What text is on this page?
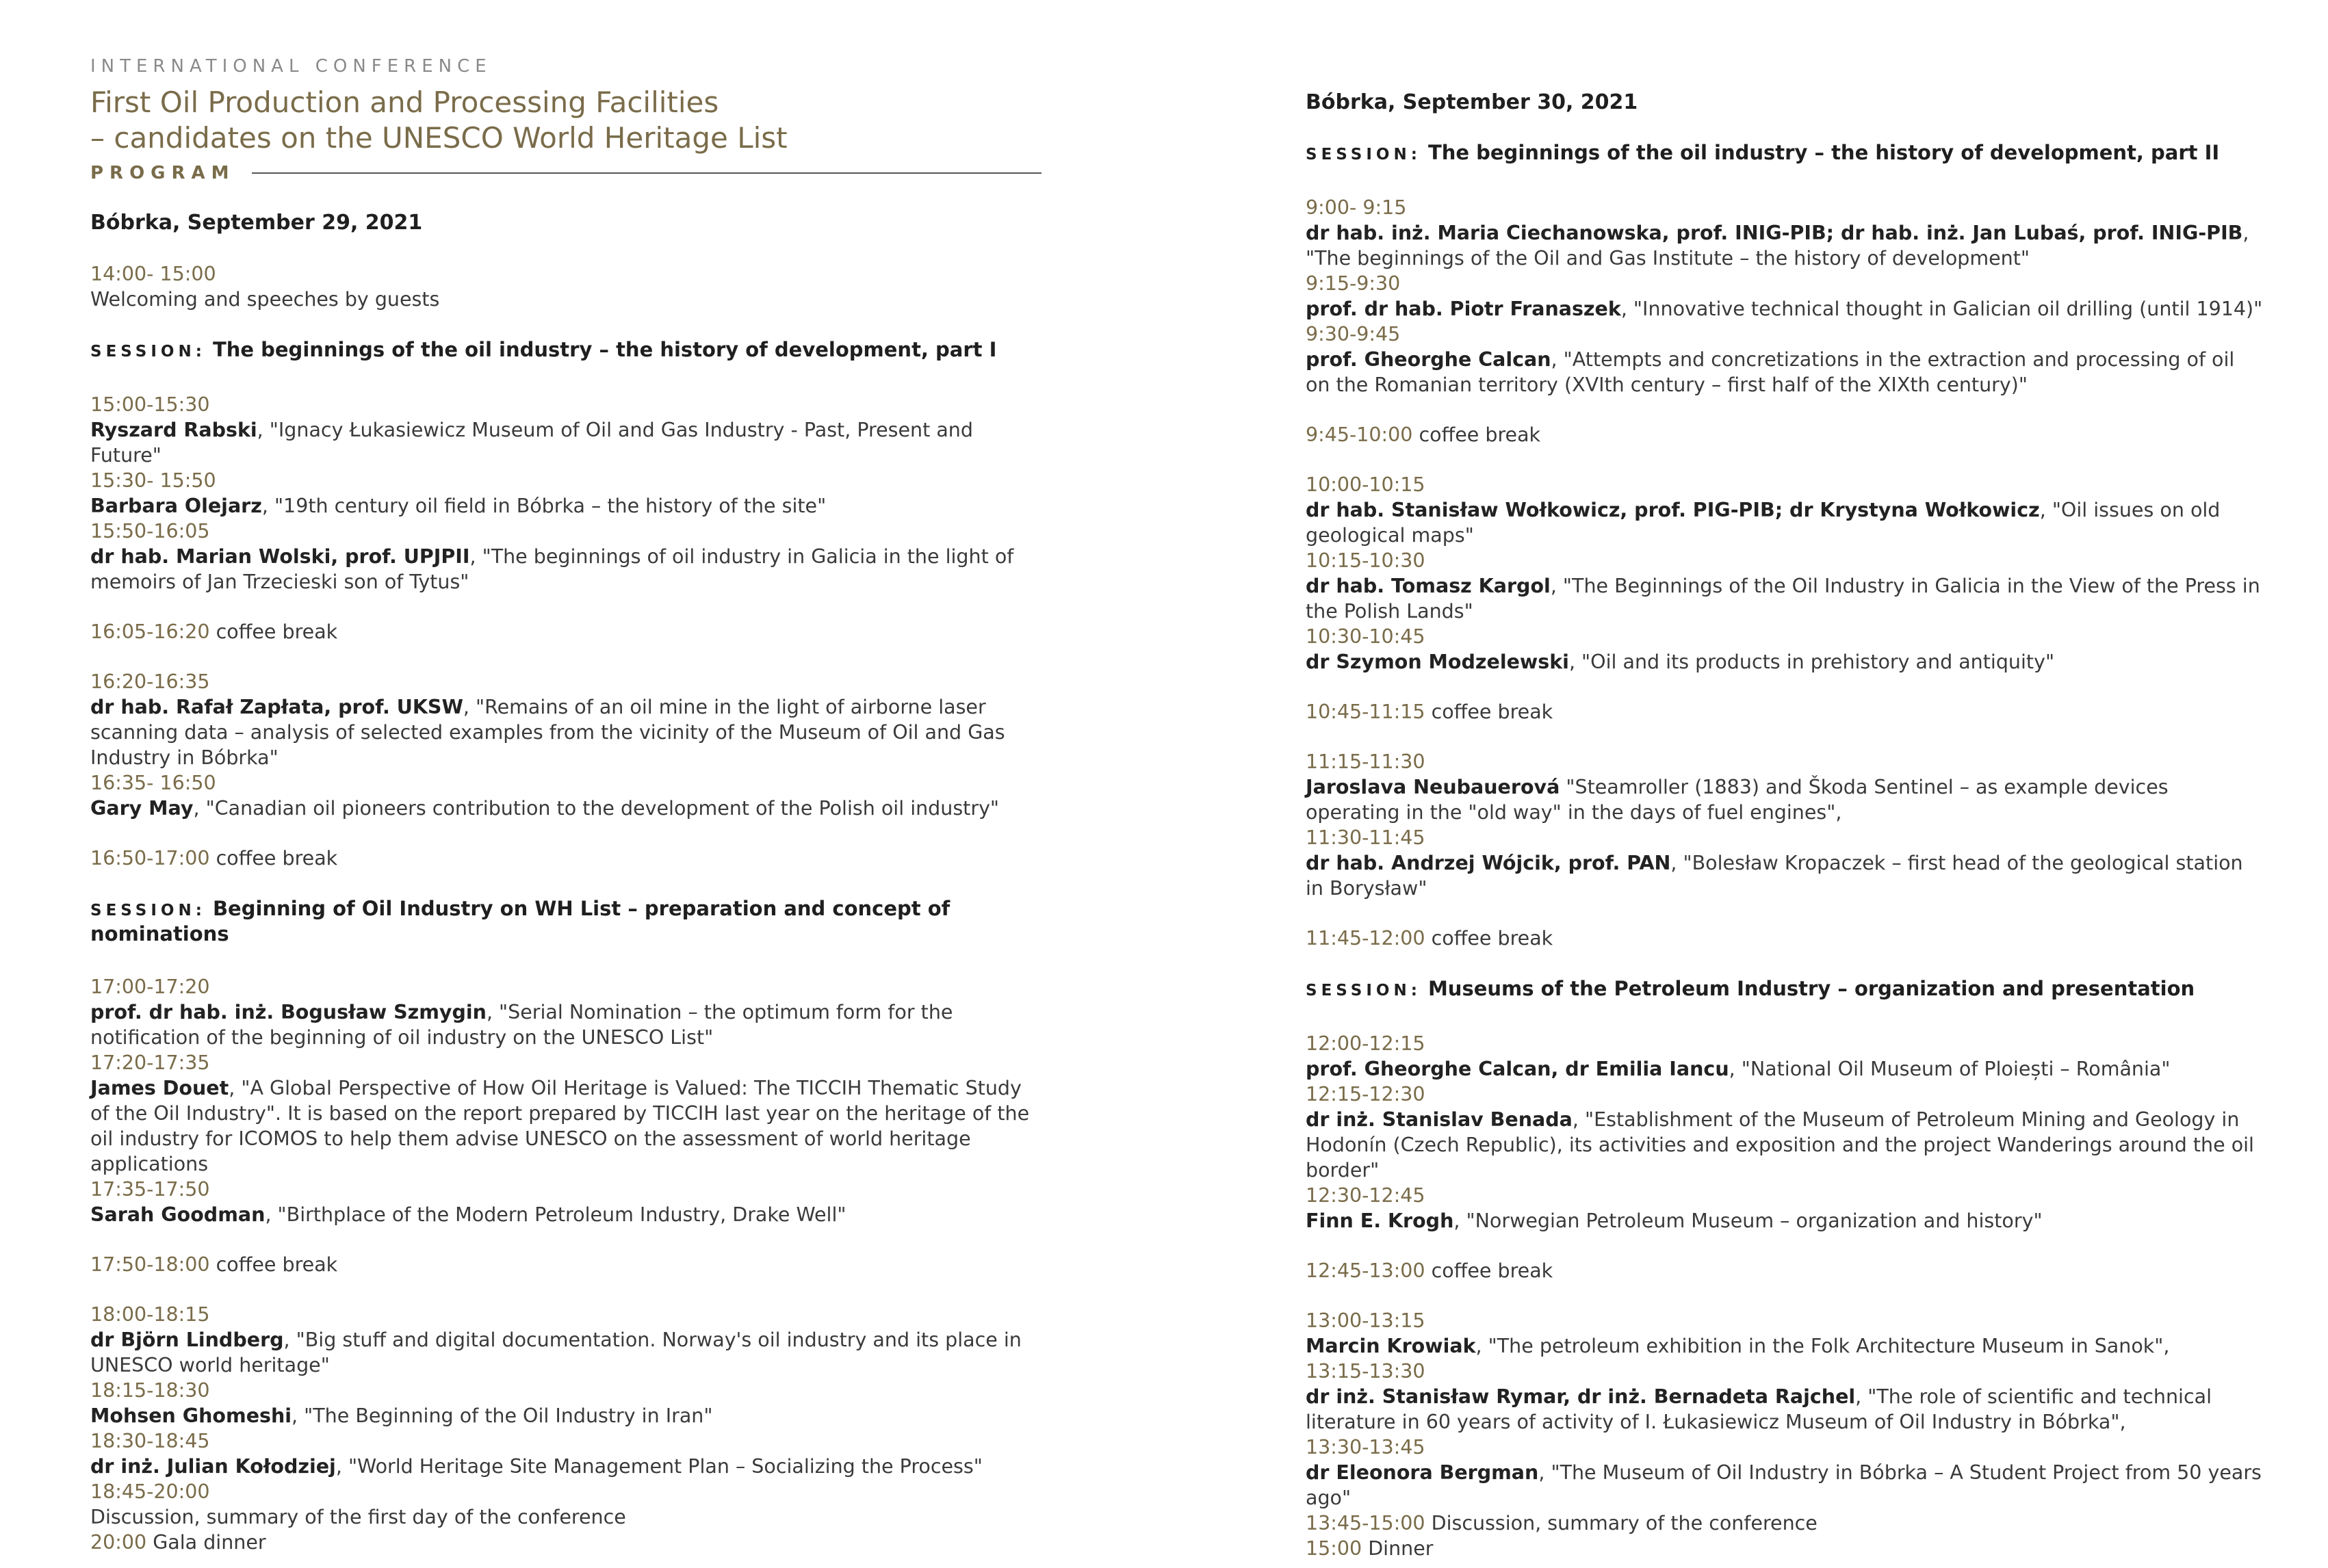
INTERNATIONAL CONFERENCE
First Oil Production and Processing Facilities
– candidates on the UNESCO World Heritage List
PROGRAM
Bóbrka, September 29, 2021
14:00- 15:00
Welcoming and speeches by guests
SESSION: The beginnings of the oil industry – the history of development, part I
15:00-15:30
Ryszard Rabski, "Ignacy Łukasiewicz Museum of Oil and Gas Industry - Past, Present and Future"
15:30- 15:50
Barbara Olejarz, "19th century oil field in Bóbrka – the history of the site"
15:50-16:05
dr hab. Marian Wolski, prof. UPJPII, "The beginnings of oil industry in Galicia in the light of memoirs of Jan Trzecieski son of Tytus"
16:05-16:20 coffee break
16:20-16:35
dr hab. Rafał Zapłata, prof. UKSW, "Remains of an oil mine in the light of airborne laser scanning data – analysis of selected examples from the vicinity of the Museum of Oil and Gas Industry in Bóbrka"
16:35- 16:50
Gary May, "Canadian oil pioneers contribution to the development of the Polish oil industry"
16:50-17:00 coffee break
SESSION: Beginning of Oil Industry on WH List – preparation and concept of nominations
17:00-17:20
prof. dr hab. inż. Bogusław Szmygin, "Serial Nomination – the optimum form for the notification of the beginning of oil industry on the UNESCO List"
17:20-17:35
James Douet, "A Global Perspective of How Oil Heritage is Valued: The TICCIH Thematic Study of the Oil Industry". It is based on the report prepared by TICCIH last year on the heritage of the oil industry for ICOMOS to help them advise UNESCO on the assessment of world heritage applications
17:35-17:50
Sarah Goodman, "Birthplace of the Modern Petroleum Industry, Drake Well"
17:50-18:00 coffee break
18:00-18:15
dr Björn Lindberg, "Big stuff and digital documentation. Norway's oil industry and its place in UNESCO world heritage"
18:15-18:30
Mohsen Ghomeshi, "The Beginning of the Oil Industry in Iran"
18:30-18:45
dr inż. Julian Kołodziej, "World Heritage Site Management Plan – Socializing the Process"
18:45-20:00
Discussion, summary of the first day of the conference
20:00 Gala dinner
Bóbrka, September 30, 2021
SESSION: The beginnings of the oil industry – the history of development, part II
9:00- 9:15
dr hab. inż. Maria Ciechanowska, prof. INIG-PIB; dr hab. inż. Jan Lubaś, prof. INIG-PIB, "The beginnings of the Oil and Gas Institute – the history of development"
9:15-9:30
prof. dr hab. Piotr Franaszek, "Innovative technical thought in Galician oil drilling (until 1914)"
9:30-9:45
prof. Gheorghe Calcan, "Attempts and concretizations in the extraction and processing of oil on the Romanian territory (XVIth century – first half of the XIXth century)"
9:45-10:00 coffee break
10:00-10:15
dr hab. Stanisław Wołkowicz, prof. PIG-PIB; dr Krystyna Wołkowicz, "Oil issues on old geological maps"
10:15-10:30
dr hab. Tomasz Kargol, "The Beginnings of the Oil Industry in Galicia in the View of the Press in the Polish Lands"
10:30-10:45
dr Szymon Modzelewski, "Oil and its products in prehistory and antiquity"
10:45-11:15 coffee break
11:15-11:30
Jaroslava Neubauerová "Steamroller (1883) and Škoda Sentinel – as example devices operating in the "old way" in the days of fuel engines",
11:30-11:45
dr hab. Andrzej Wójcik, prof. PAN, "Bolesław Kropaczek – first head of the geological station in Borysław"
11:45-12:00 coffee break
SESSION: Museums of the Petroleum Industry – organization and presentation
12:00-12:15
prof. Gheorghe Calcan, dr Emilia Iancu, "National Oil Museum of Ploiești – România"
12:15-12:30
dr inż. Stanislav Benada, "Establishment of the Museum of Petroleum Mining and Geology in Hodonín (Czech Republic), its activities and exposition and the project Wanderings around the oil border"
12:30-12:45
Finn E. Krogh, "Norwegian Petroleum Museum – organization and history"
12:45-13:00 coffee break
13:00-13:15
Marcin Krowiak, "The petroleum exhibition in the Folk Architecture Museum in Sanok",
13:15-13:30
dr inż. Stanisław Rymar, dr inż. Bernadeta Rajchel, "The role of scientific and technical literature in 60 years of activity of I. Łukasiewicz Museum of Oil Industry in Bóbrka",
13:30-13:45
dr Eleonora Bergman, "The Museum of Oil Industry in Bóbrka – A Student Project from 50 years ago"
13:45-15:00 Discussion, summary of the conference
15:00 Dinner
